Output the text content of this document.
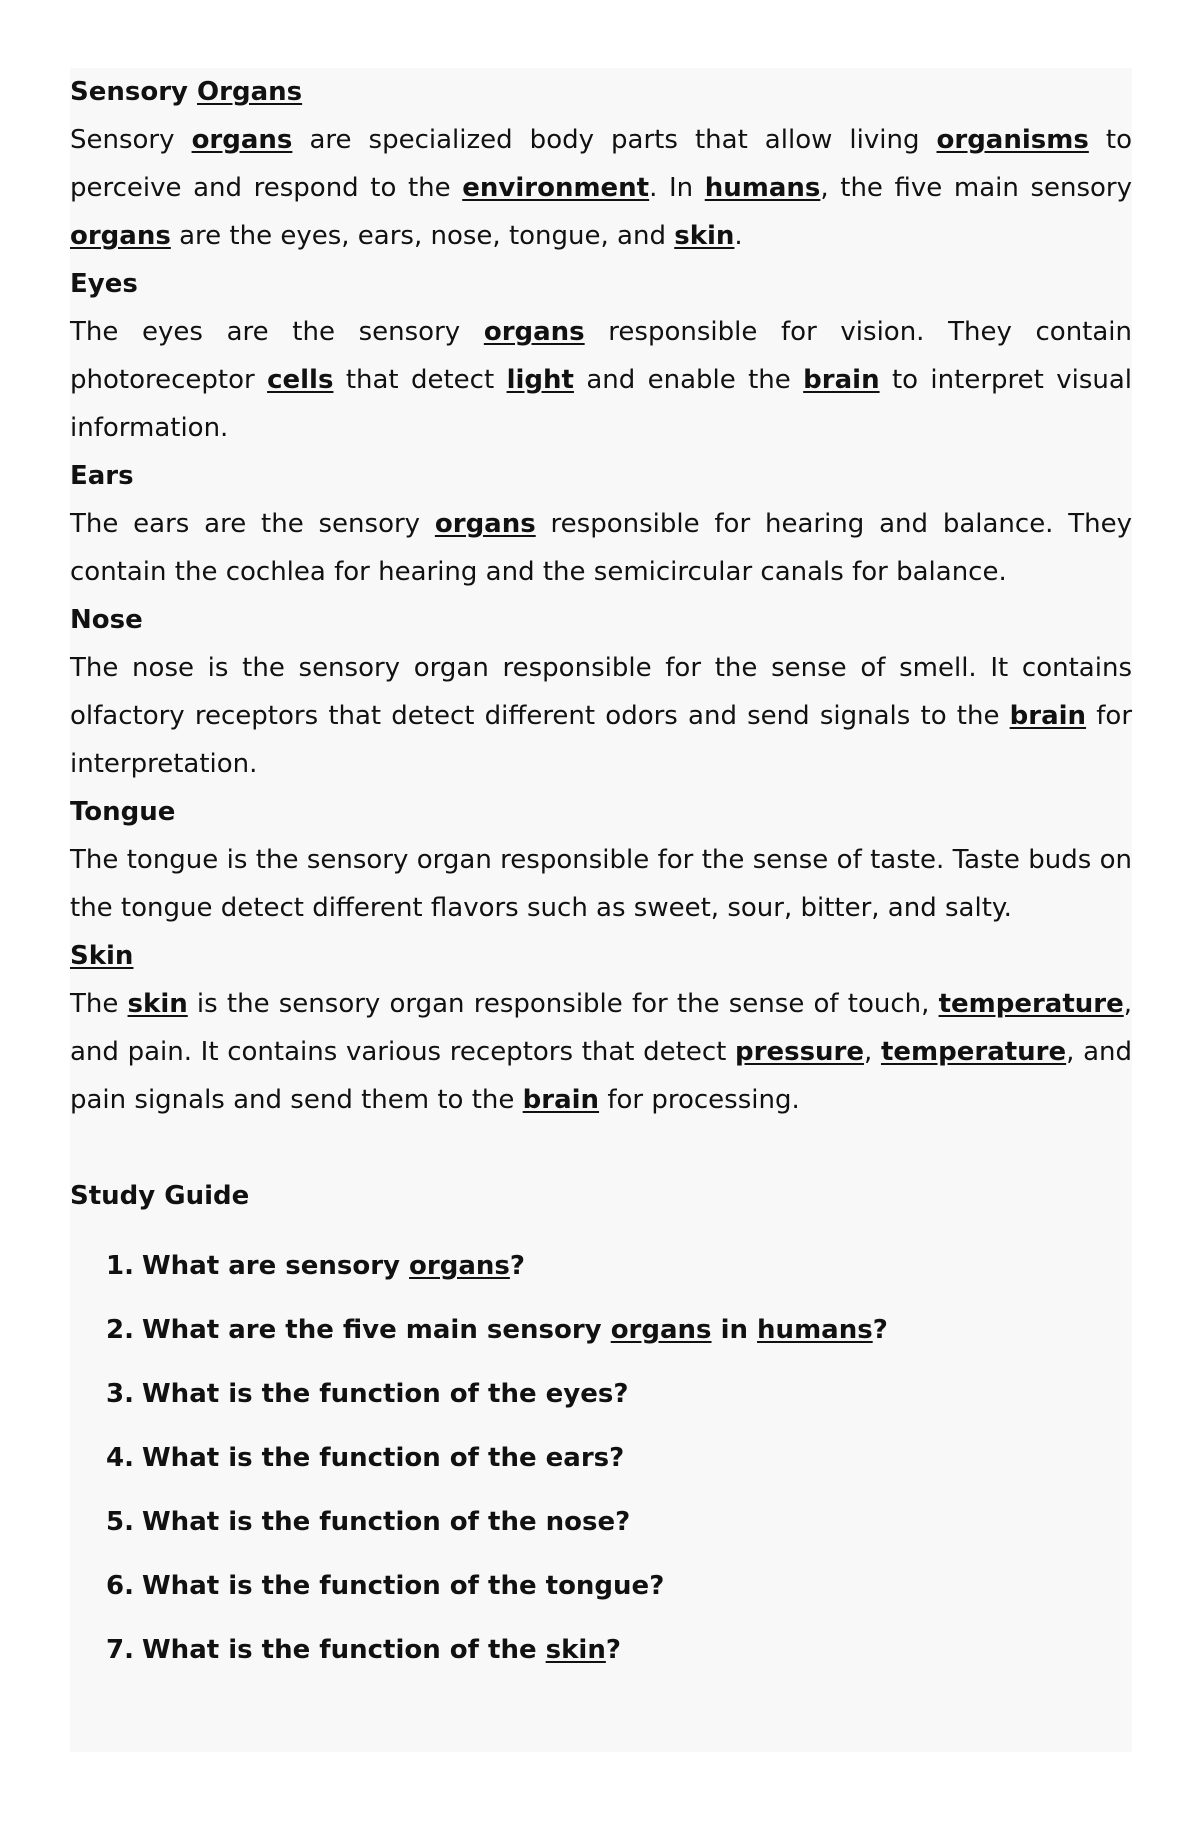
Sensory Organs

Sensory organs are specialized body parts that allow living organisms to perceive and respond to the environment. In humans, the five main sensory organs are the eyes, ears, nose, tongue, and skin.

Eyes

The eyes are the sensory organs responsible for vision. They contain photoreceptor cells that detect light and enable the brain to interpret visual information.

Ears

The ears are the sensory organs responsible for hearing and balance. They contain the cochlea for hearing and the semicircular canals for balance.

Nose

The nose is the sensory organ responsible for the sense of smell. It contains olfactory receptors that detect different odors and send signals to the brain for interpretation.

Tongue

The tongue is the sensory organ responsible for the sense of taste. Taste buds on the tongue detect different flavors such as sweet, sour, bitter, and salty.

Skin

The skin is the sensory organ responsible for the sense of touch, temperature, and pain. It contains various receptors that detect pressure, temperature, and pain signals and send them to the brain for processing.

Study Guide

1. What are sensory organs?
2. What are the five main sensory organs in humans?
3. What is the function of the eyes?
4. What is the function of the ears?
5. What is the function of the nose?
6. What is the function of the tongue?
7. What is the function of the skin?
